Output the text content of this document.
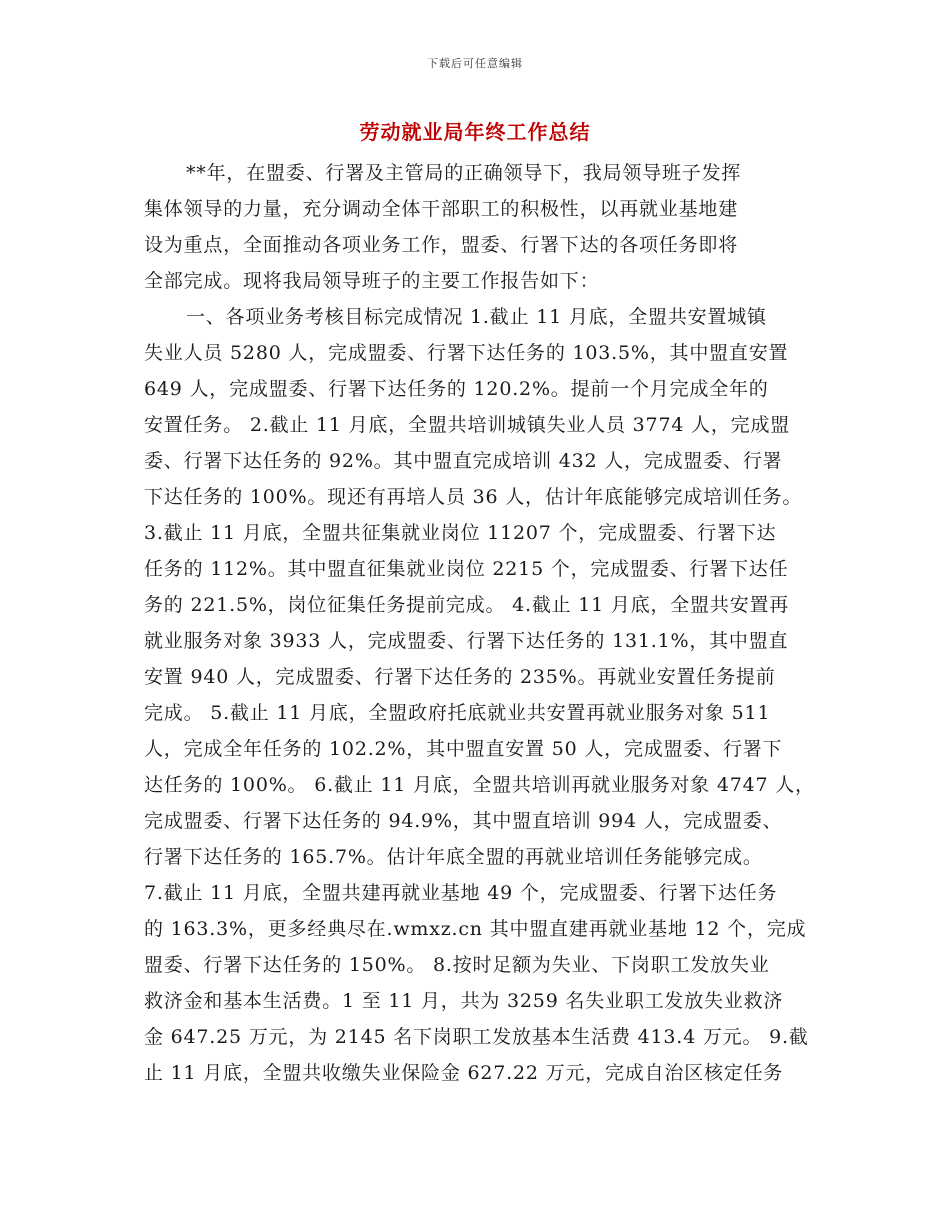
下载后可任意编辑
劳动就业局年终工作总结
**年，在盟委、行署及主管局的正确领导下，我局领导班子发挥
集体领导的力量，充分调动全体干部职工的积极性，以再就业基地建
设为重点，全面推动各项业务工作，盟委、行署下达的各项任务即将
全部完成。现将我局领导班子的主要工作报告如下：
一、各项业务考核目标完成情况 1.截止 11 月底，全盟共安置城镇
失业人员 5280 人，完成盟委、行署下达任务的 103.5%，其中盟直安置
649 人，完成盟委、行署下达任务的 120.2%。提前一个月完成全年的
安置任务。 2.截止 11 月底，全盟共培训城镇失业人员 3774 人，完成盟
委、行署下达任务的 92%。其中盟直完成培训 432 人，完成盟委、行署
下达任务的 100%。现还有再培人员 36 人，估计年底能够完成培训任务。
3.截止 11 月底，全盟共征集就业岗位 11207 个，完成盟委、行署下达
任务的 112%。其中盟直征集就业岗位 2215 个，完成盟委、行署下达任
务的 221.5%，岗位征集任务提前完成。 4.截止 11 月底，全盟共安置再
就业服务对象 3933 人，完成盟委、行署下达任务的 131.1%，其中盟直
安置 940 人，完成盟委、行署下达任务的 235%。再就业安置任务提前
完成。 5.截止 11 月底，全盟政府托底就业共安置再就业服务对象 511
人，完成全年任务的 102.2%，其中盟直安置 50 人，完成盟委、行署下
达任务的 100%。 6.截止 11 月底，全盟共培训再就业服务对象 4747 人，
完成盟委、行署下达任务的 94.9%，其中盟直培训 994 人，完成盟委、
行署下达任务的 165.7%。估计年底全盟的再就业培训任务能够完成。
7.截止 11 月底，全盟共建再就业基地 49 个，完成盟委、行署下达任务
的 163.3%，更多经典尽在.wmxz.cn 其中盟直建再就业基地 12 个，完成
盟委、行署下达任务的 150%。 8.按时足额为失业、下岗职工发放失业
救济金和基本生活费。1 至 11 月，共为 3259 名失业职工发放失业救济
金 647.25 万元，为 2145 名下岗职工发放基本生活费 413.4 万元。 9.截
止 11 月底，全盟共收缴失业保险金 627.22 万元，完成自治区核定任务
